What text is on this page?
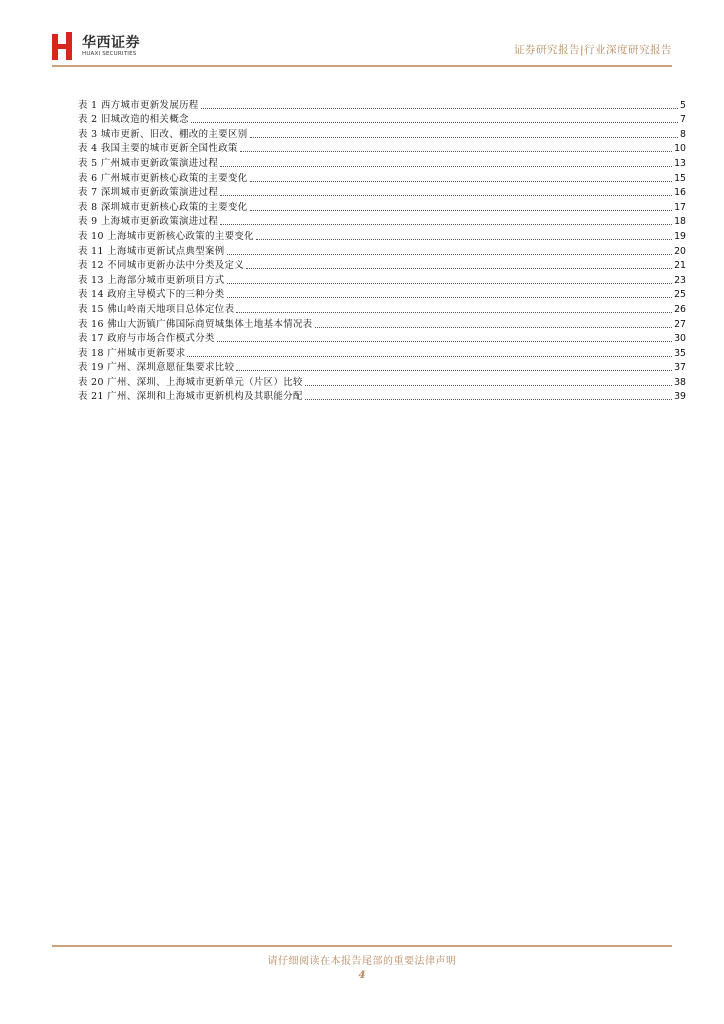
华西证券
HUAXI SECURITIES	证券研究报告|行业深度研究报告
表 1 西方城市更新发展历程	5
表 2 旧城改造的相关概念	7
表 3 城市更新、旧改、棚改的主要区别	8
表 4 我国主要的城市更新全国性政策	10
表 5 广州城市更新政策演进过程	13
表 6 广州城市更新核心政策的主要变化	15
表 7 深圳城市更新政策演进过程	16
表 8 深圳城市更新核心政策的主要变化	17
表 9 上海城市更新政策演进过程	18
表 10 上海城市更新核心政策的主要变化	19
表 11 上海城市更新试点典型案例	20
表 12 不同城市更新办法中分类及定义	21
表 13 上海部分城市更新项目方式	23
表 14 政府主导模式下的三种分类	25
表 15 佛山岭南天地项目总体定位表	26
表 16 佛山大沥镇广佛国际商贸城集体土地基本情况表	27
表 17 政府与市场合作模式分类	30
表 18 广州城市更新要求	35
表 19 广州、深圳意愿征集要求比较	37
表 20 广州、深圳、上海城市更新单元（片区）比较	38
表 21 广州、深圳和上海城市更新机构及其职能分配	39
请仔细阅读在本报告尾部的重要法律声明
4
